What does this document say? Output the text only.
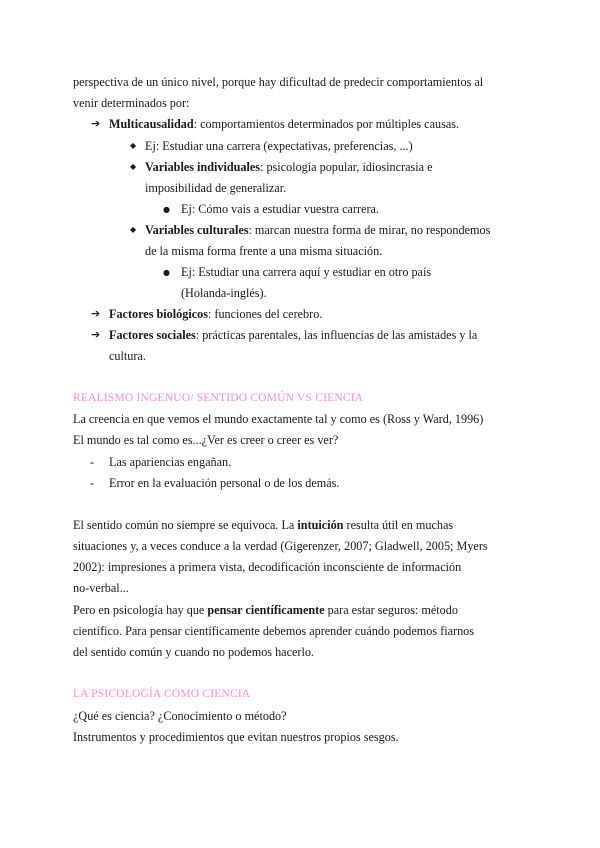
perspectiva de un único nivel, porque hay dificultad de predecir comportamientos al
venir determinados por:
➔ Multicausalidad: comportamientos determinados por múltiples causas.
◆ Ej: Estudiar una carrera (expectativas, preferencias, ...)
◆ Variables individuales: psicología popular, idiosincrasia e
imposibilidad de generalizar.
● Ej: Cómo vais a estudiar vuestra carrera.
◆ Variables culturales: marcan nuestra forma de mirar, no respondemos
de la misma forma frente a una misma situación.
● Ej: Estudiar una carrera aquí y estudiar en otro país
(Holanda-inglés).
➔ Factores biológicos: funciones del cerebro.
➔ Factores sociales: prácticas parentales, las influencias de las amistades y la
cultura.
REALISMO INGENUO/ SENTIDO COMÚN VS CIENCIA
La creencia en que vemos el mundo exactamente tal y como es (Ross y Ward, 1996)
El mundo es tal como es...¿Ver es creer o creer es ver?
- Las apariencias engañan.
- Error en la evaluación personal o de los demás.
El sentido común no siempre se equivoca. La intuición resulta útil en muchas
situaciones y, a veces conduce a la verdad (Gigerenzer, 2007; Gladwell, 2005; Myers
2002): impresiones a primera vista, decodificación inconsciente de información
no-verbal...
Pero en psicología hay que pensar científicamente para estar seguros: método
científico. Para pensar científicamente debemos aprender cuándo podemos fiarnos
del sentido común y cuando no podemos hacerlo.
LA PSICOLOGÍA COMO CIENCIA
¿Qué es ciencia? ¿Conocimiento o método?
Instrumentos y procedimientos que evitan nuestros propios sesgos.
